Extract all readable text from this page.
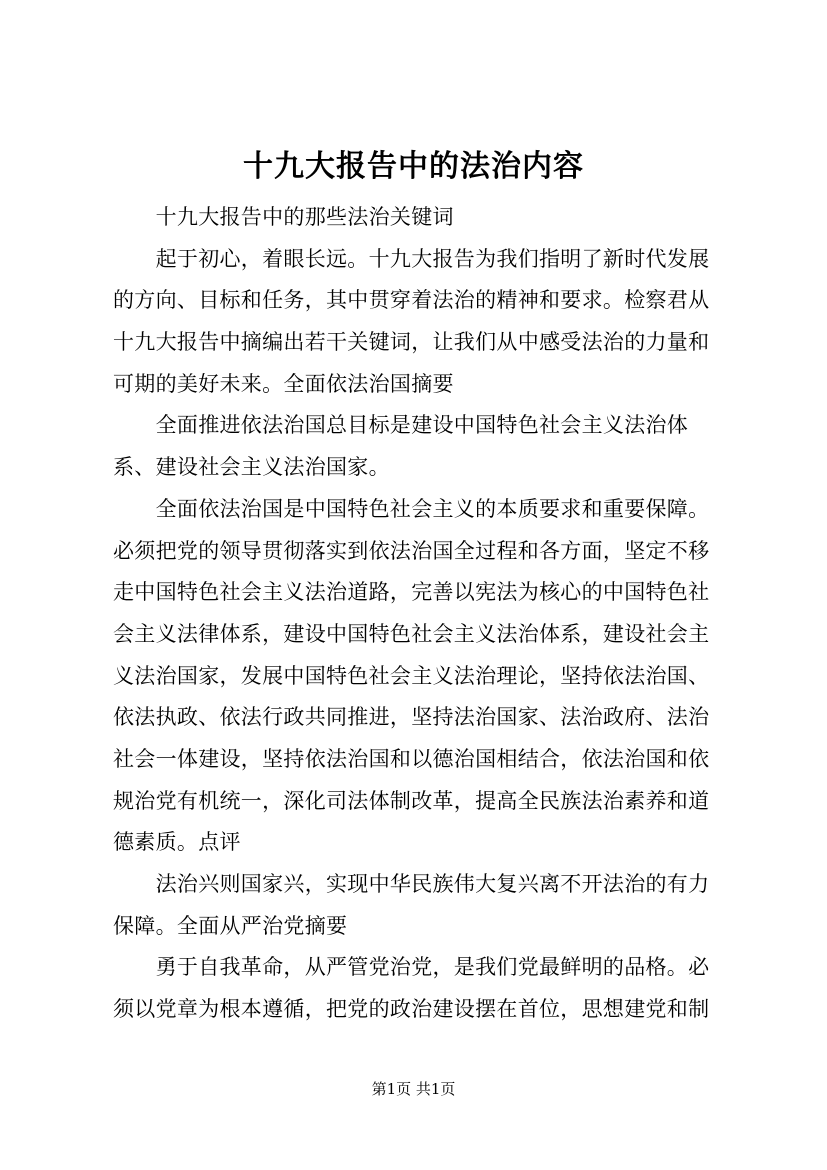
十九大报告中的法治内容
　　十九大报告中的那些法治关键词
　　起于初心，着眼长远。十九大报告为我们指明了新时代发展
的方向、目标和任务，其中贯穿着法治的精神和要求。检察君从
十九大报告中摘编出若干关键词，让我们从中感受法治的力量和
可期的美好未来。全面依法治国摘要
　　全面推进依法治国总目标是建设中国特色社会主义法治体
系、建设社会主义法治国家。
　　全面依法治国是中国特色社会主义的本质要求和重要保障。
必须把党的领导贯彻落实到依法治国全过程和各方面，坚定不移
走中国特色社会主义法治道路，完善以宪法为核心的中国特色社
会主义法律体系，建设中国特色社会主义法治体系，建设社会主
义法治国家，发展中国特色社会主义法治理论，坚持依法治国、
依法执政、依法行政共同推进，坚持法治国家、法治政府、法治
社会一体建设，坚持依法治国和以德治国相结合，依法治国和依
规治党有机统一，深化司法体制改革，提高全民族法治素养和道
德素质。点评
　　法治兴则国家兴，实现中华民族伟大复兴离不开法治的有力
保障。全面从严治党摘要
　　勇于自我革命，从严管党治党，是我们党最鲜明的品格。必
须以党章为根本遵循，把党的政治建设摆在首位，思想建党和制
第1页 共1页
